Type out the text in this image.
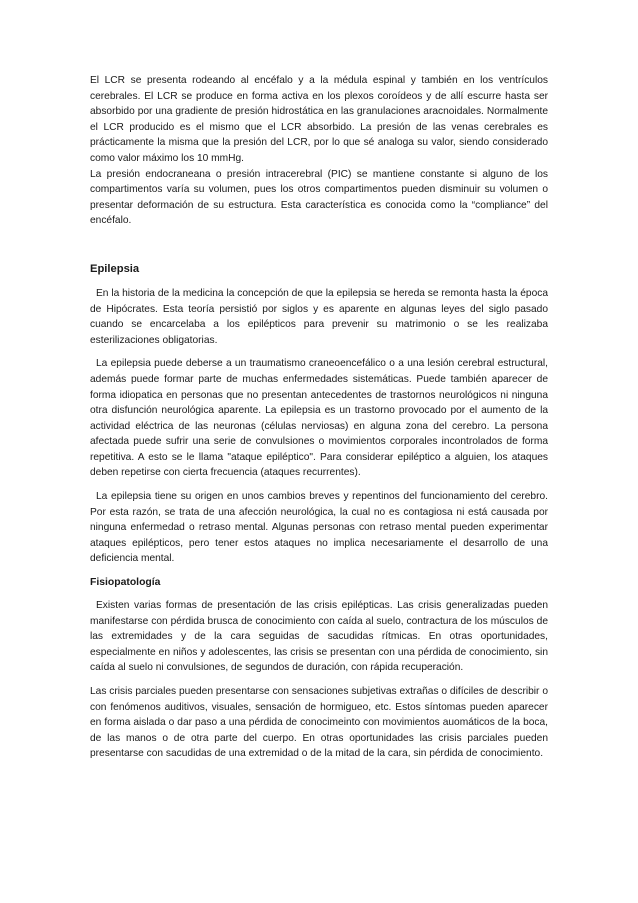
El LCR se presenta rodeando al encéfalo y a la médula espinal y también en los ventrículos cerebrales. El LCR se produce en forma activa en los plexos coroídeos y de allí escurre hasta ser absorbido por una gradiente de presión hidrostática en las granulaciones aracnoidales. Normalmente el LCR producido es el mismo que el LCR absorbido. La presión de las venas cerebrales es prácticamente la misma que la presión del LCR, por lo que sé analoga su valor, siendo considerado como valor máximo los 10 mmHg.

La presión endocraneana o presión intracerebral (PIC) se mantiene constante si alguno de los compartimentos varía su volumen, pues los otros compartimentos pueden disminuir su volumen o presentar deformación de su estructura. Esta característica es conocida como la “compliance” del encéfalo.

Epilepsia

En la historia de la medicina la concepción de que la epilepsia se hereda se remonta hasta la época de Hipócrates. Esta teoría persistió por siglos y es aparente en algunas leyes del siglo pasado cuando se encarcelaba a los epilépticos para prevenir su matrimonio o se les realizaba esterilizaciones obligatorias.

La epilepsia puede deberse a un traumatismo craneoencefálico o a una lesión cerebral estructural, además puede formar parte de muchas enfermedades sistemáticas. Puede también aparecer de forma idiopatica en personas que no presentan antecedentes de trastornos neurológicos ni ninguna otra disfunción neurológica aparente. La epilepsia es un trastorno provocado por el aumento de la actividad eléctrica de las neuronas (células nerviosas) en alguna zona del cerebro. La persona afectada puede sufrir una serie de convulsiones o movimientos corporales incontrolados de forma repetitiva. A esto se le llama "ataque epiléptico". Para considerar epiléptico a alguien, los ataques deben repetirse con cierta frecuencia (ataques recurrentes).

La epilepsia tiene su origen en unos cambios breves y repentinos del funcionamiento del cerebro. Por esta razón, se trata de una afección neurológica, la cual no es contagiosa ni está causada por ninguna enfermedad o retraso mental. Algunas personas con retraso mental pueden experimentar ataques epilépticos, pero tener estos ataques no implica necesariamente el desarrollo de una deficiencia mental.

Fisiopatología

Existen varias formas de presentación de las crisis epilépticas. Las crisis generalizadas pueden manifestarse con pérdida brusca de conocimiento con caída al suelo, contractura de los músculos de las extremidades y de la cara seguidas de sacudidas rítmicas. En otras oportunidades, especialmente en niños y adolescentes, las crisis se presentan con una pérdida de conocimiento, sin caída al suelo ni convulsiones, de segundos de duración, con rápida recuperación.

Las crisis parciales pueden presentarse con sensaciones subjetivas extrañas o difíciles de describir o con fenómenos auditivos, visuales, sensación de hormigueo, etc. Estos síntomas pueden aparecer en forma aislada o dar paso a una pérdida de conocimeinto con movimientos auomáticos de la boca, de las manos o de otra parte del cuerpo. En otras oportunidades las crisis parciales pueden presentarse con sacudidas de una extremidad o de la mitad de la cara, sin pérdida de conocimiento.
